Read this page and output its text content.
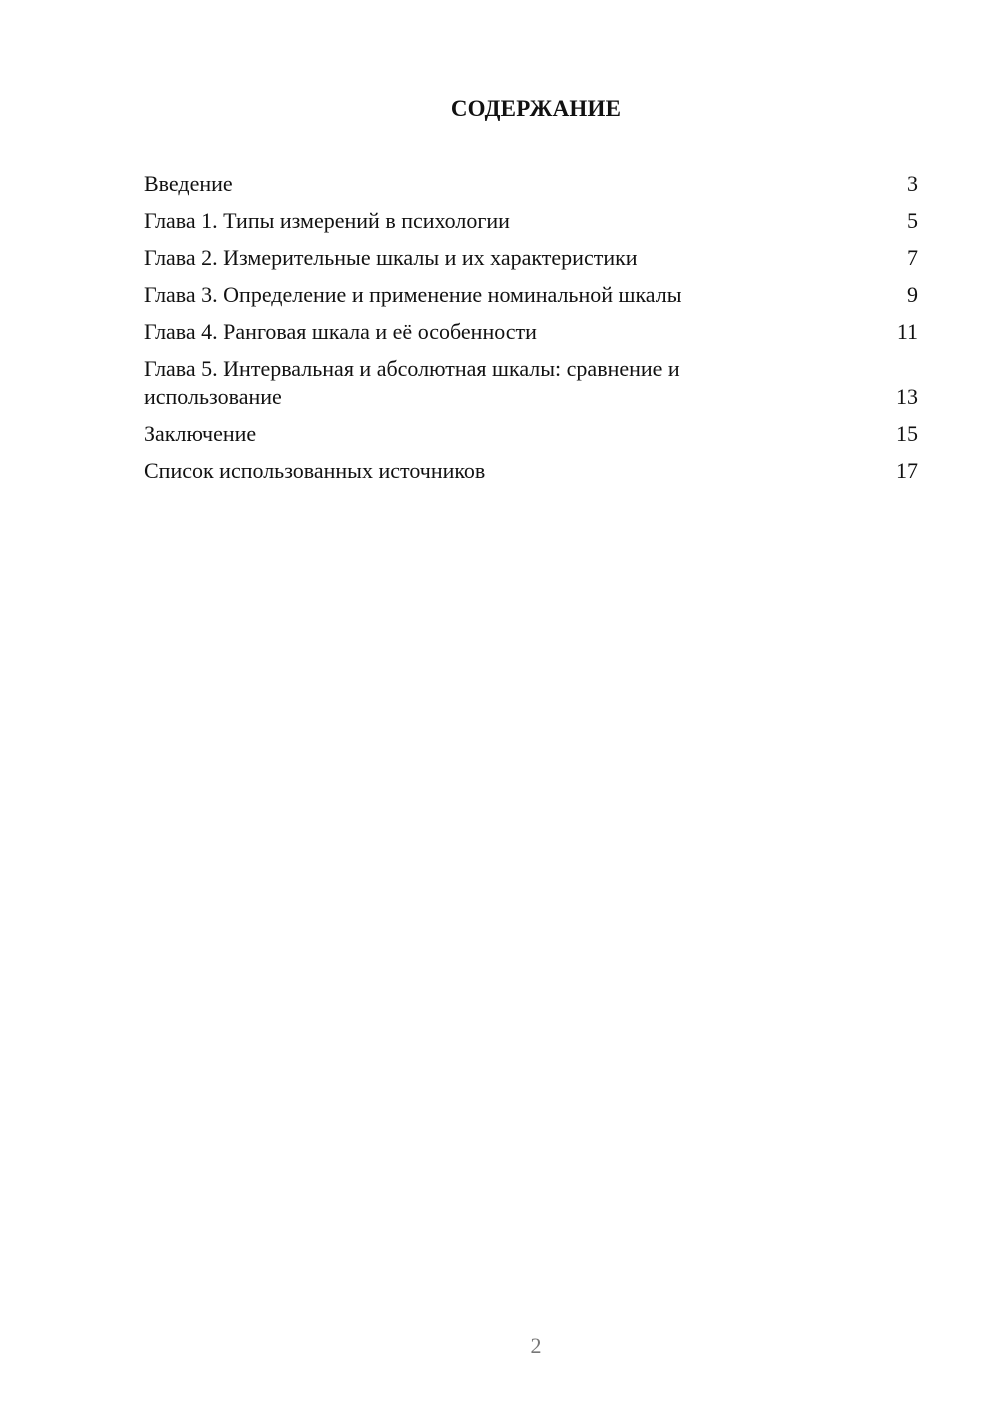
СОДЕРЖАНИЕ
Введение	3
Глава 1. Типы измерений в психологии	5
Глава 2. Измерительные шкалы и их характеристики	7
Глава 3. Определение и применение номинальной шкалы	9
Глава 4. Ранговая шкала и её особенности	11
Глава 5. Интервальная и абсолютная шкалы: сравнение и использование	13
Заключение	15
Список использованных источников	17
2
